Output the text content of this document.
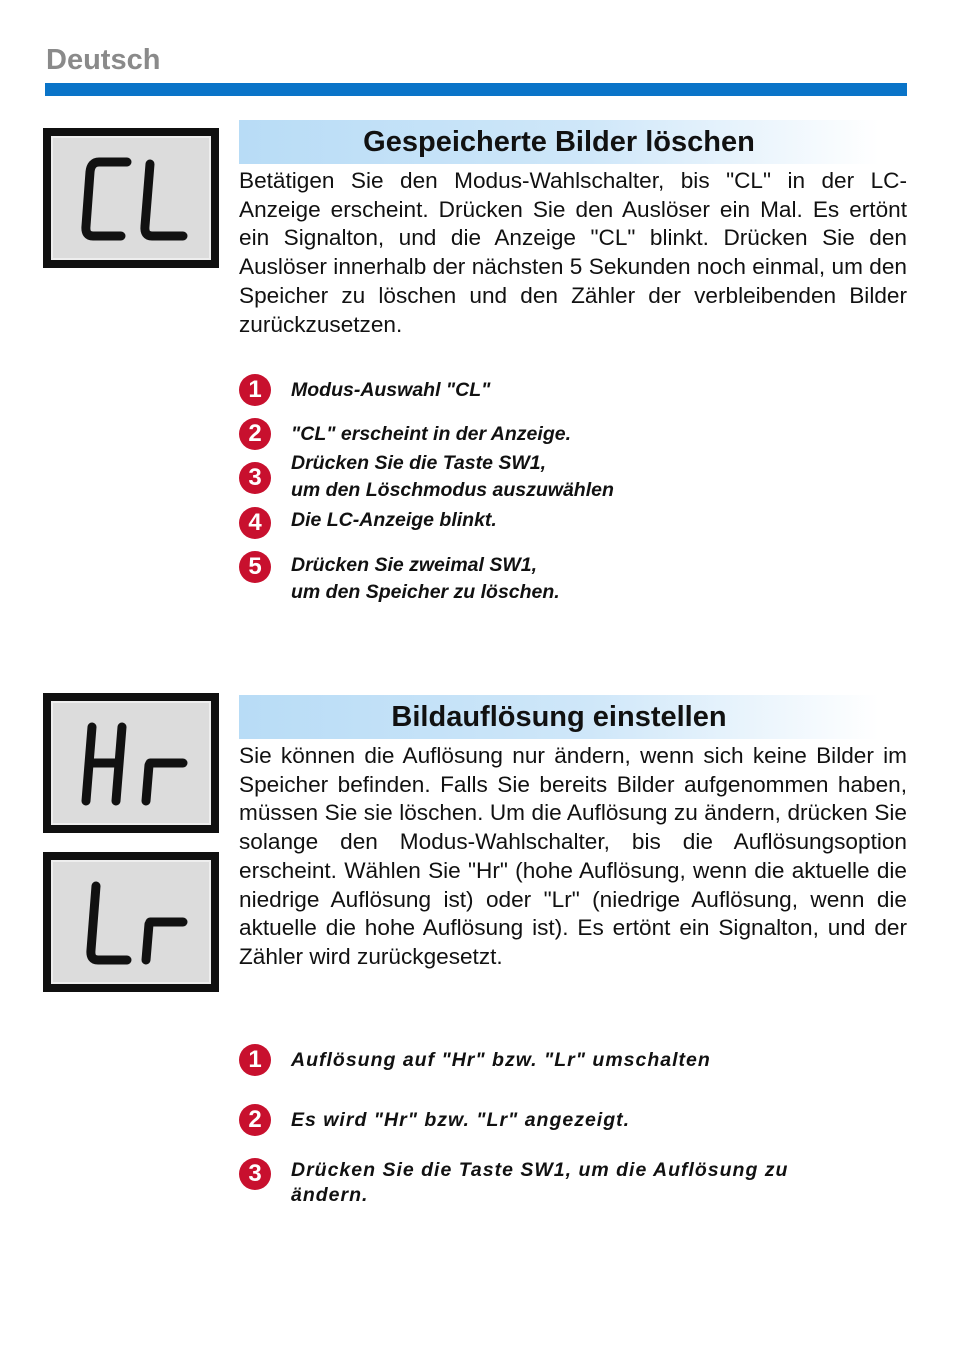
Deutsch
Gespeicherte Bilder löschen
Betätigen Sie den Modus-Wahlschalter, bis "CL" in der LC-Anzeige erscheint. Drücken Sie den Auslöser ein Mal. Es ertönt ein Signalton, und die Anzeige "CL" blinkt. Drücken Sie den Auslöser innerhalb der nächsten 5 Sekunden noch einmal, um den Speicher zu löschen und den Zähler der verbleibenden Bilder zurückzusetzen.
1	Modus-Auswahl "CL"
2	"CL" erscheint in der Anzeige.
3
Drücken Sie die Taste SW1,
um den Löschmodus auszuwählen
4	Die LC-Anzeige blinkt.
5	Drücken Sie zweimal SW1,
um den Speicher zu löschen.
Bildauflösung einstellen
Sie können die Auflösung nur ändern, wenn sich keine Bilder im Speicher befinden. Falls Sie bereits Bilder aufgenommen haben, müssen Sie sie löschen. Um die Auflösung zu ändern, drücken Sie solange den Modus-Wahlschalter, bis die Auflösungsoption erscheint. Wählen Sie "Hr" (hohe Auflösung, wenn die aktuelle die niedrige Auflösung ist) oder "Lr" (niedrige Auflösung, wenn die aktuelle die hohe Auflösung ist). Es ertönt ein Signalton, und der Zähler wird zurückgesetzt.
1	Auflösung auf "Hr" bzw. "Lr" umschalten
2	Es wird "Hr" bzw. "Lr" angezeigt.
3	Drücken Sie die Taste SW1, um die Auflösung zu
ändern.
